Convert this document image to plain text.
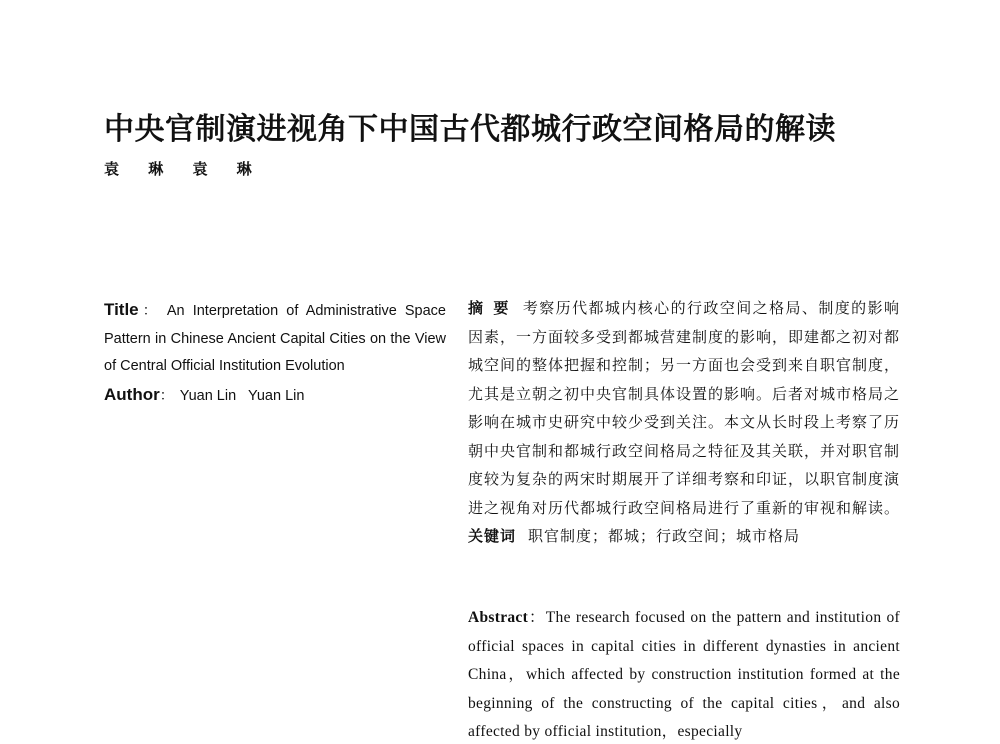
中央官制演进视角下中国古代都城行政空间格局的解读
袁 琳 袁 琳

Title： An Interpretation of Administrative Space Pattern in Chinese Ancient Capital Cities on the View of Central Official Institution Evolution

Author： Yuan Lin   Yuan Lin

摘要 考察历代都城内核心的行政空间之格局、制度的影响因素，一方面较多受到都城营建制度的影响，即建都之初对都城空间的整体把握和控制；另一方面也会受到来自职官制度，尤其是立朝之初中央官制具体设置的影响。后者对城市格局之影响在城市史研究中较少受到关注。本文从长时段上考察了历朝中央官制和都城行政空间格局之特征及其关联，并对职官制度较为复杂的两宋时期展开了详细考察和印证，以职官制度演进之视角对历代都城行政空间格局进行了重新的审视和解读。

关键词 职官制度；都城；行政空间；城市格局

Abstract：The research focused on the pattern and institution of official spaces in capital cities in different dynasties in ancient China，which affected by construction institution formed at the beginning of the constructing of the capital cities，and also affected by official institution，especially
